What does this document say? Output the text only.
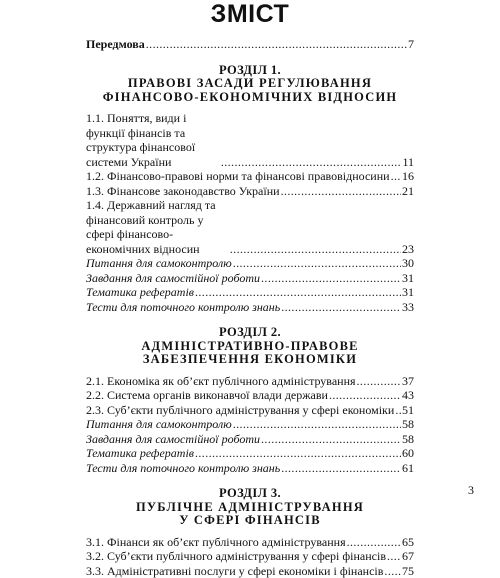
ЗМІСТ
Передмова .....	7
РОЗДІЛ 1.
ПРАВОВІ ЗАСАДИ РЕГУЛЮВАННЯ
ФІНАНСОВО-ЕКОНОМІЧНИХ ВІДНОСИН
1.1. Поняття, види і функції фінансів та структура фінансової системи України .....	11
1.2. Фінансово-правові норми та фінансові правовідносини ..... 16
1.3. Фінансове законодавство України .....	21
1.4. Державний нагляд та фінансовий контроль у сфері фінансово-економічних відносин .....	23
Питання для самоконтролю .....	30
Завдання для самостійної роботи .....	31
Тематика рефератів .....	31
Тести для поточного контролю знань .....	33
РОЗДІЛ 2.
АДМІНІСТРАТИВНО-ПРАВОВЕ
ЗАБЕЗПЕЧЕННЯ ЕКОНОМІКИ
2.1. Економіка як об’єкт публічного адміністрування .....	37
2.2. Система органів виконавчої влади держави .....	43
2.3. Суб’єкти публічного адміністрування у сфері економіки ..... 51
Питання для самоконтролю .....	58
Завдання для самостійної роботи .....	58
Тематика рефератів .....	60
Тести для поточного контролю знань .....	61
РОЗДІЛ 3.
ПУБЛІЧНЕ АДМІНІСТРУВАННЯ
У СФЕРІ ФІНАНСІВ
3.1. Фінанси як об’єкт публічного адміністрування .....	65
3.2. Суб’єкти публічного адміністрування у сфері фінансів ..... 67
3.3. Адміністративні послуги у сфері економіки і фінансів ..... 75
3
